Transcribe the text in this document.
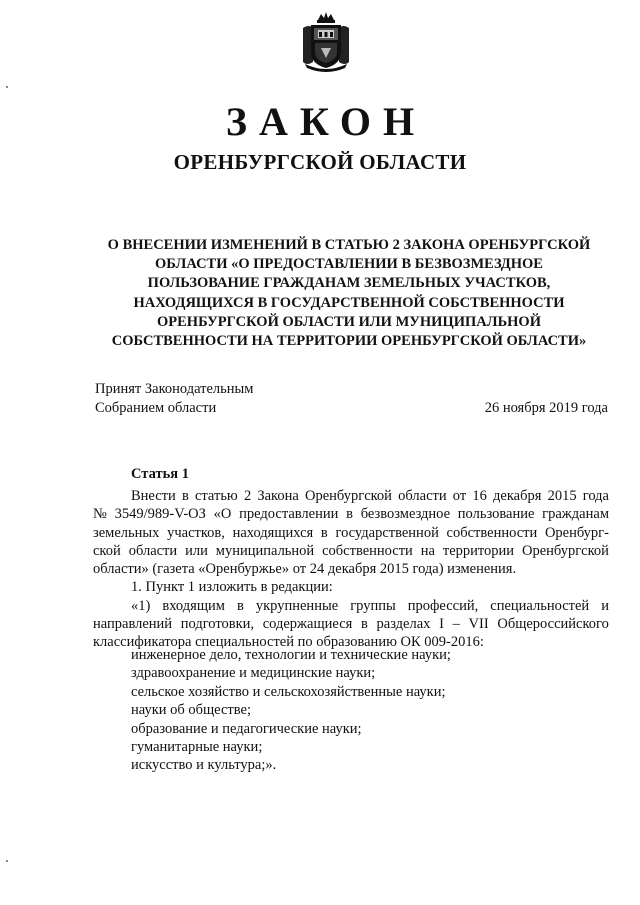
ЗАКОН
ОРЕНБУРГСКОЙ ОБЛАСТИ
О ВНЕСЕНИИ ИЗМЕНЕНИЙ В СТАТЬЮ 2 ЗАКОНА ОРЕНБУРГСКОЙ
ОБЛАСТИ «О ПРЕДОСТАВЛЕНИИ В БЕЗВОЗМЕЗДНОЕ
ПОЛЬЗОВАНИЕ ГРАЖДАНАМ ЗЕМЕЛЬНЫХ УЧАСТКОВ,
НАХОДЯЩИХСЯ В ГОСУДАРСТВЕННОЙ СОБСТВЕННОСТИ
ОРЕНБУРГСКОЙ ОБЛАСТИ ИЛИ МУНИЦИПАЛЬНОЙ
СОБСТВЕННОСТИ НА ТЕРРИТОРИИ ОРЕНБУРГСКОЙ ОБЛАСТИ»
Принят Законодательным
Собранием области	26 ноября 2019 года
Статья 1
Внести в статью 2 Закона Оренбургской области от 16 декабря 2015 года
№ 3549/989-V-ОЗ «О предоставлении в безвозмездное пользование гражданам
земельных участков, находящихся в государственной собственности Оренбург-
ской области или муниципальной собственности на территории Оренбургской
области» (газета «Оренбуржье» от 24 декабря 2015 года) изменения.
1. Пункт 1 изложить в редакции:
«1) входящим в укрупненные группы профессий, специальностей и
направлений подготовки, содержащиеся в разделах I – VII Общероссийского
классификатора специальностей по образованию ОК 009-2016:
инженерное дело, технологии и технические науки;
здравоохранение и медицинские науки;
сельское хозяйство и сельскохозяйственные науки;
науки об обществе;
образование и педагогические науки;
гуманитарные науки;
искусство и культура;».
